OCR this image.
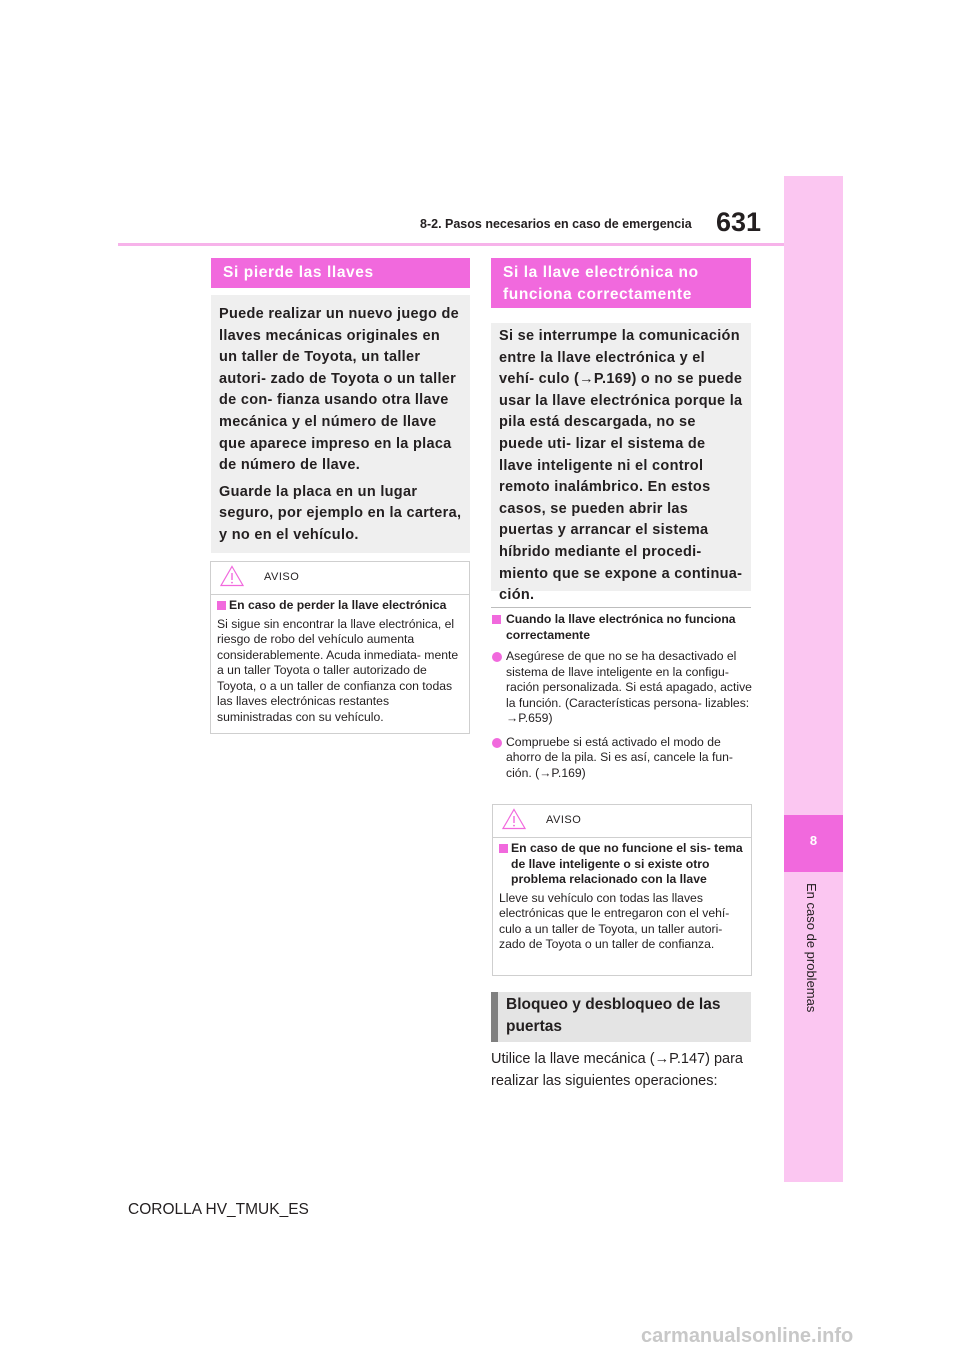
8-2. Pasos necesarios en caso de emergencia 631
8
En caso de problemas
Si pierde las llaves

Puede realizar un nuevo juego de llaves mecánicas originales en un taller de Toyota, un taller autori- zado de Toyota o un taller de con- fianza usando otra llave mecánica y el número de llave que aparece impreso en la placa de número de llave.

Guarde la placa en un lugar seguro, por ejemplo en la cartera, y no en el vehículo.

AVISO
En caso de perder la llave electrónica
Si sigue sin encontrar la llave electrónica, el riesgo de robo del vehículo aumenta considerablemente. Acuda inmediata- mente a un taller Toyota o taller autorizado de Toyota, o a un taller de confianza con todas las llaves electrónicas restantes suministradas con su vehículo.
Si la llave electrónica no funciona correctamente

Si se interrumpe la comunicación entre la llave electrónica y el vehí- culo (→P.169) o no se puede usar la llave electrónica porque la pila está descargada, no se puede uti- lizar el sistema de llave inteligente ni el control remoto inalámbrico. En estos casos, se pueden abrir las puertas y arrancar el sistema híbrido mediante el procedi- miento que se expone a continua- ción.

Cuando la llave electrónica no funciona correctamente
Asegúrese de que no se ha desactivado el sistema de llave inteligente en la configu- ración personalizada. Si está apagado, active la función. (Características persona- lizables: →P.659)
Compruebe si está activado el modo de ahorro de la pila. Si es así, cancele la fun- ción. (→P.169)
AVISO
En caso de que no funcione el sis- tema de llave inteligente o si existe otro problema relacionado con la llave
Lleve su vehículo con todas las llaves electrónicas que le entregaron con el vehí- culo a un taller de Toyota, un taller autori- zado de Toyota o un taller de confianza.
Bloqueo y desbloqueo de las puertas
Utilice la llave mecánica (→P.147) para realizar las siguientes operaciones:
COROLLA HV_TMUK_ES
carmanualsonline.info
